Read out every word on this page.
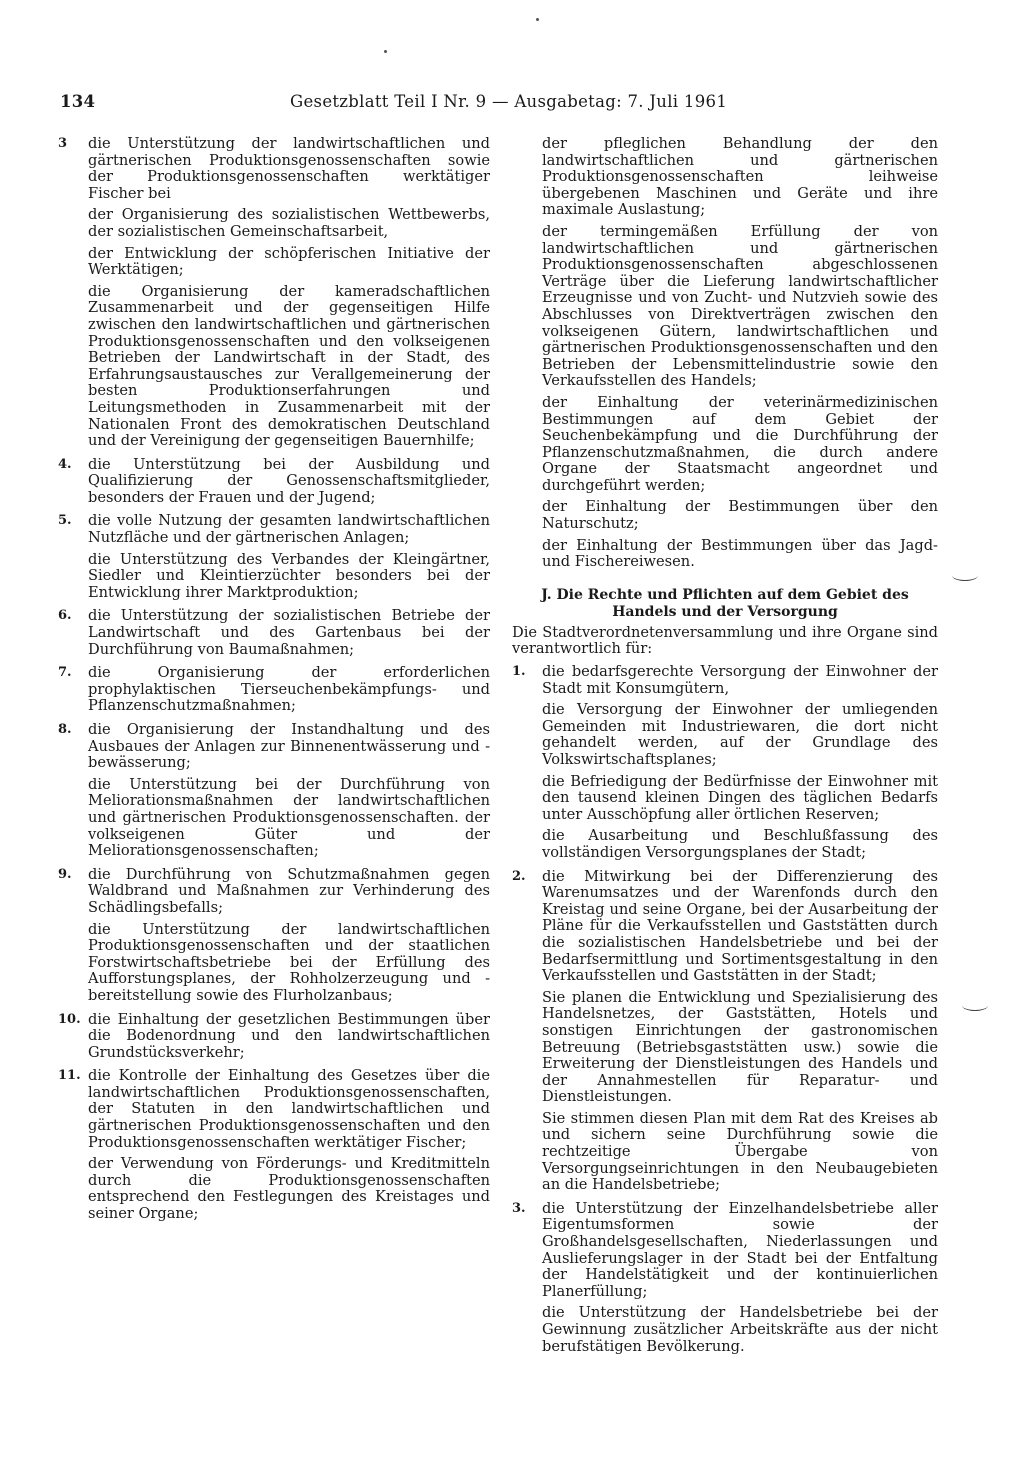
134	Gesetzblatt Teil I Nr. 9 — Ausgabetag: 7. Juli 1961
3 die Unterstützung der landwirtschaftlichen und gärtnerischen Produktionsgenossenschaften sowie der Produktionsgenossenschaften werktätiger Fischer bei

der Organisierung des sozialistischen Wettbewerbs, der sozialistischen Gemeinschaftsarbeit,

der Entwicklung der schöpferischen Initiative der Werktätigen;

die Organisierung der kameradschaftlichen Zusammenarbeit und der gegenseitigen Hilfe zwischen den landwirtschaftlichen und gärtnerischen Produktionsgenossenschaften und den volkseigenen Betrieben der Landwirtschaft in der Stadt, des Erfahrungsaustausches zur Verallgemeinerung der besten Produktionserfahrungen und Leitungsmethoden in Zusammenarbeit mit der Nationalen Front des demokratischen Deutschland und der Vereinigung der gegenseitigen Bauernhilfe;

4. die Unterstützung bei der Ausbildung und Qualifizierung der Genossenschaftsmitglieder, besonders der Frauen und der Jugend;

5. die volle Nutzung der gesamten landwirtschaftlichen Nutzfläche und der gärtnerischen Anlagen;

die Unterstützung des Verbandes der Kleingärtner, Siedler und Kleintierzüchter besonders bei der Entwicklung ihrer Marktproduktion;

6. die Unterstützung der sozialistischen Betriebe der Landwirtschaft und des Gartenbaus bei der Durchführung von Baumaßnahmen;

7. die Organisierung der erforderlichen prophylaktischen Tierseuchenbekämpfungs- und Pflanzenschutzmaßnahmen;

8. die Organisierung der Instandhaltung und des Ausbaues der Anlagen zur Binnenentwässerung und -bewässerung;

die Unterstützung bei der Durchführung von Meliorationsmaßnahmen der landwirtschaftlichen und gärtnerischen Produktionsgenossenschaften. der volkseigenen Güter und der Meliorationsgenossenschaften;

9. die Durchführung von Schutzmaßnahmen gegen Waldbrand und Maßnahmen zur Verhinderung des Schädlingsbefalls;

die Unterstützung der landwirtschaftlichen Produktionsgenossenschaften und der staatlichen Forstwirtschaftsbetriebe bei der Erfüllung des Aufforstungsplanes, der Rohholzerzeugung und -bereitstellung sowie des Flurholzanbaus;

10. die Einhaltung der gesetzlichen Bestimmungen über die Bodenordnung und den landwirtschaftlichen Grundstücksverkehr;

11. die Kontrolle der Einhaltung des Gesetzes über die landwirtschaftlichen Produktionsgenossenschaften, der Statuten in den landwirtschaftlichen und gärtnerischen Produktionsgenossenschaften und den Produktionsgenossenschaften werktätiger Fischer;

der Verwendung von Förderungs- und Kreditmitteln durch die Produktionsgenossenschaften entsprechend den Festlegungen des Kreistages und seiner Organe;

der pfleglichen Behandlung der den landwirtschaftlichen und gärtnerischen Produktionsgenossenschaften leihweise übergebenen Maschinen und Geräte und ihre maximale Auslastung;

der termingemäßen Erfüllung der von landwirtschaftlichen und gärtnerischen Produktionsgenossenschaften abgeschlossenen Verträge über die Lieferung landwirtschaftlicher Erzeugnisse und von Zucht- und Nutzvieh sowie des Abschlusses von Direktverträgen zwischen den volkseigenen Gütern, landwirtschaftlichen und gärtnerischen Produktionsgenossenschaften und den Betrieben der Lebensmittelindustrie sowie den Verkaufsstellen des Handels;

der Einhaltung der veterinärmedizinischen Bestimmungen auf dem Gebiet der Seuchenbekämpfung und die Durchführung der Pflanzenschutzmaßnahmen, die durch andere Organe der Staatsmacht angeordnet und durchgeführt werden;

der Einhaltung der Bestimmungen über den Naturschutz;

der Einhaltung der Bestimmungen über das Jagd- und Fischereiwesen.

J. Die Rechte und Pflichten auf dem Gebiet des
Handels und der Versorgung
Die Stadtverordnetenversammlung und ihre Organe sind verantwortlich für:
1. die bedarfsgerechte Versorgung der Einwohner der Stadt mit Konsumgütern,

die Versorgung der Einwohner der umliegenden Gemeinden mit Industriewaren, die dort nicht gehandelt werden, auf der Grundlage des Volkswirtschaftsplanes;

die Befriedigung der Bedürfnisse der Einwohner mit den tausend kleinen Dingen des täglichen Bedarfs unter Ausschöpfung aller örtlichen Reserven;

die Ausarbeitung und Beschlußfassung des vollständigen Versorgungsplanes der Stadt;

2. die Mitwirkung bei der Differenzierung des Warenumsatzes und der Warenfonds durch den Kreistag und seine Organe, bei der Ausarbeitung der Pläne für die Verkaufsstellen und Gaststätten durch die sozialistischen Handelsbetriebe und bei der Bedarfsermittlung und Sortimentsgestaltung in den Verkaufsstellen und Gaststätten in der Stadt;

Sie planen die Entwicklung und Spezialisierung des Handelsnetzes, der Gaststätten, Hotels und sonstigen Einrichtungen der gastronomischen Betreuung (Betriebsgaststätten usw.) sowie die Erweiterung der Dienstleistungen des Handels und der Annahmestellen für Reparatur- und Dienstleistungen.

Sie stimmen diesen Plan mit dem Rat des Kreises ab und sichern seine Durchführung sowie die rechtzeitige Übergabe von Versorgungseinrichtungen in den Neubaugebieten an die Handelsbetriebe;

3. die Unterstützung der Einzelhandelsbetriebe aller Eigentumsformen sowie der Großhandelsgesellschaften, Niederlassungen und Auslieferungslager in der Stadt bei der Entfaltung der Handelstätigkeit und der kontinuierlichen Planerfüllung;

die Unterstützung der Handelsbetriebe bei der Gewinnung zusätzlicher Arbeitskräfte aus der nicht berufstätigen Bevölkerung.
